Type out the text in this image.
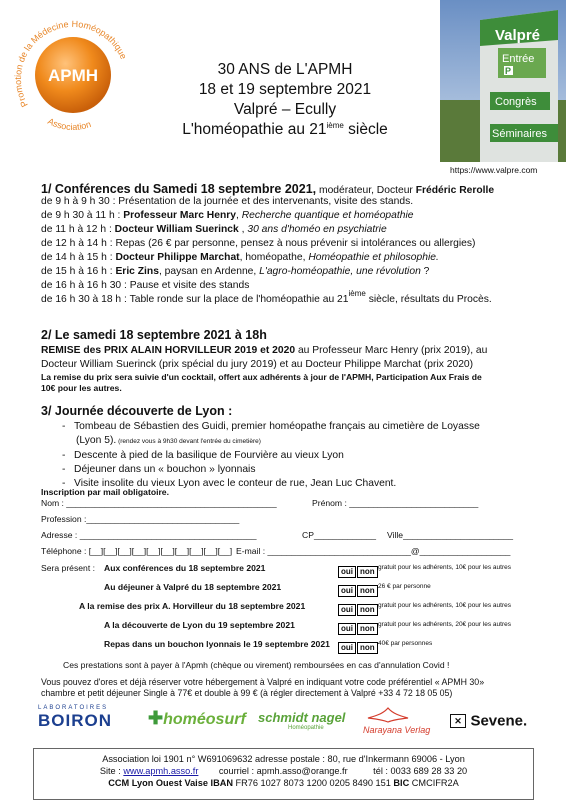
APMH
Promotion de la Médecine Homéopathique
Association
30 ANS de L'APMH
18 et 19 septembre 2021
Valpré – Ecully
L'homéopathie au 21ième siècle
Valpré
Entrée
P
Congrès
Séminaires
https://www.valpre.com
1/ Conférences du Samedi 18 septembre 2021, modérateur, Docteur Frédéric Rerolle
de 9 h à 9 h 30 : Présentation de la journée et des intervenants, visite des stands.
de 9 h 30 à 11 h : Professeur Marc Henry, Recherche quantique et homéopathie
de 11 h à 12 h : Docteur William Suerinck , 30 ans d'homéo en psychiatrie
de 12 h à 14 h : Repas (26 € par personne, pensez à nous prévenir si intolérances ou allergies)
de 14 h à 15 h : Docteur Philippe Marchat, homéopathe, Homéopathie et philosophie.
de 15 h à 16 h : Eric Zins, paysan en Ardenne, L'agro-homéopathie, une révolution ?
de 16 h à 16 h 30 : Pause et visite des stands
de 16 h 30 à 18 h : Table ronde sur la place de l'homéopathie au 21ième siècle, résultats du Procès.
2/ Le samedi 18 septembre 2021 à 18h
REMISE des PRIX ALAIN HORVILLEUR 2019 et 2020 au Professeur Marc Henry (prix 2019), au
Docteur William Suerinck (prix spécial du jury 2019) et au Docteur Philippe Marchat (prix 2020)
La remise du prix sera suivie d'un cocktail, offert aux adhérents à jour de l'APMH, Participation Aux Frais de
10€ pour les autres.
3/ Journée découverte de Lyon :
-   Tombeau de Sébastien des Guidi, premier homéopathe français au cimetière de Loyasse
(Lyon 5). (rendez vous à 9h30 devant l'entrée du cimetière)
-   Descente à pied de la basilique de Fourvière au vieux Lyon
-   Déjeuner dans un « bouchon » lyonnais
-   Visite insolite du vieux Lyon avec le conteur de rue, Jean Luc Chavent.
Inscription par mail obligatoire.
Nom : ____________________________________________	Prénom : ___________________________
Profession :________________________________
Adresse : _____________________________________	CP_____________ Ville_______________________
Téléphone : [__][__][__][__][__][__][__][__][__][__] E-mail : ______________________________@___________________
Sera présent : Aux conférences du 18 septembre 2021	oui non gratuit pour les adhérents, 10€ pour les autres
Au déjeuner à Valpré du 18 septembre 2021	oui non 26 € par personne
A la remise des prix A. Horvilleur du 18 septembre 2021	oui non gratuit pour les adhérents, 10€ pour les autres
A la découverte de Lyon du 19 septembre 2021	oui non gratuit pour les adhérents, 20€ pour les autres
Repas dans un bouchon lyonnais le 19 septembre 2021	oui non 40€ par personnes
Ces prestations sont à payer à l'Apmh (chèque ou virement) remboursées en cas d'annulation Covid !
Vous pouvez d'ores et déjà réserver votre hébergement à Valpré en indiquant votre code préférentiel « APMH 30»
chambre et petit déjeuner Single à 77€ et double à 99 € (à régler directement à Valpré +33 4 72 18 05 05)
LABORATOIRES
BOIRON ✚homéosurf schmidt nagel
Homéopathie	Narayana Verlag
✕ Sevene.
Association loi 1901 n° W691069632 adresse postale : 80, rue d'Inkermann 69006 - Lyon
Site : www.apmh.asso.fr courriel : apmh.asso@orange.fr	tél : 0033 689 28 33 20
CCM Lyon Ouest Vaise IBAN FR76 1027 8073 1200 0205 8490 151 BIC CMCIFR2A
